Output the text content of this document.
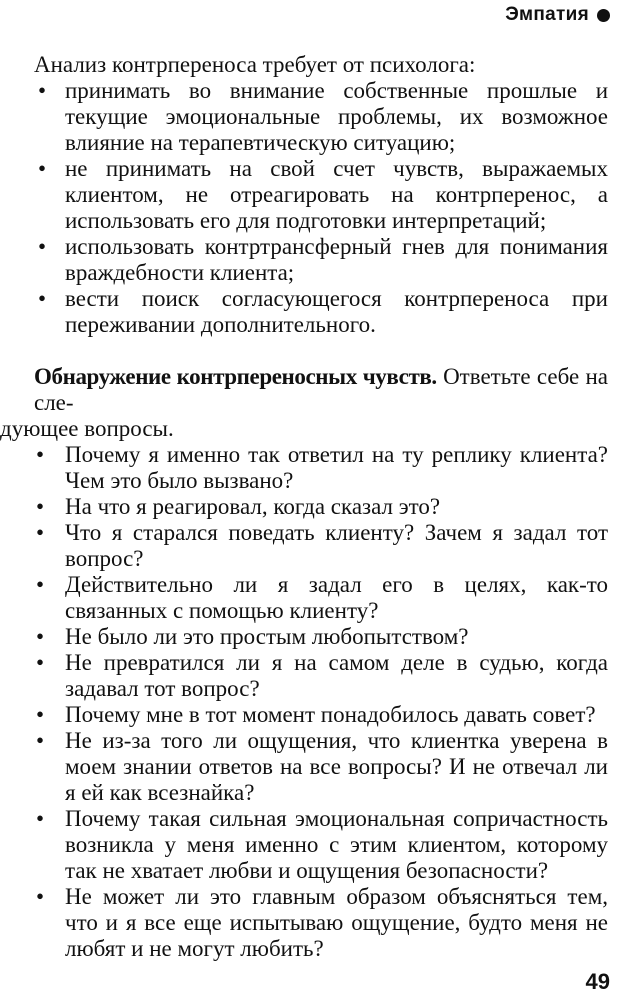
Эмпатия

Анализ контрпереноса требует от психолога:

• принимать во внимание собственные прошлые и текущие эмоциональные проблемы, их возможное влияние на терапевтическую ситуацию;
• не принимать на свой счет чувств, выражаемых клиентом, не отреагировать на контрперенос, а использовать его для подготовки интерпретаций;
• использовать контртрансферный гнев для понимания враждебности клиента;
• вести поиск согласующегося контрпереноса при переживании дополнительного.

Обнаружение контрпереносных чувств. Ответьте себе на сле-
дующее вопросы.

• Почему я именно так ответил на ту реплику клиента? Чем это было вызвано?
• На что я реагировал, когда сказал это?
• Что я старался поведать клиенту? Зачем я задал тот вопрос?
• Действительно ли я задал его в целях, как-то связанных с помощью клиенту?
• Не было ли это простым любопытством?
• Не превратился ли я на самом деле в судью, когда задавал тот вопрос?
• Почему мне в тот момент понадобилось давать совет?
• Не из-за того ли ощущения, что клиентка уверена в моем знании ответов на все вопросы? И не отвечал ли я ей как всезнайка?
• Почему такая сильная эмоциональная сопричастность возникла у меня именно с этим клиентом, которому так не хватает любви и ощущения безопасности?
• Не может ли это главным образом объясняться тем, что и я все еще испытываю ощущение, будто меня не любят и не могут любить?
49
